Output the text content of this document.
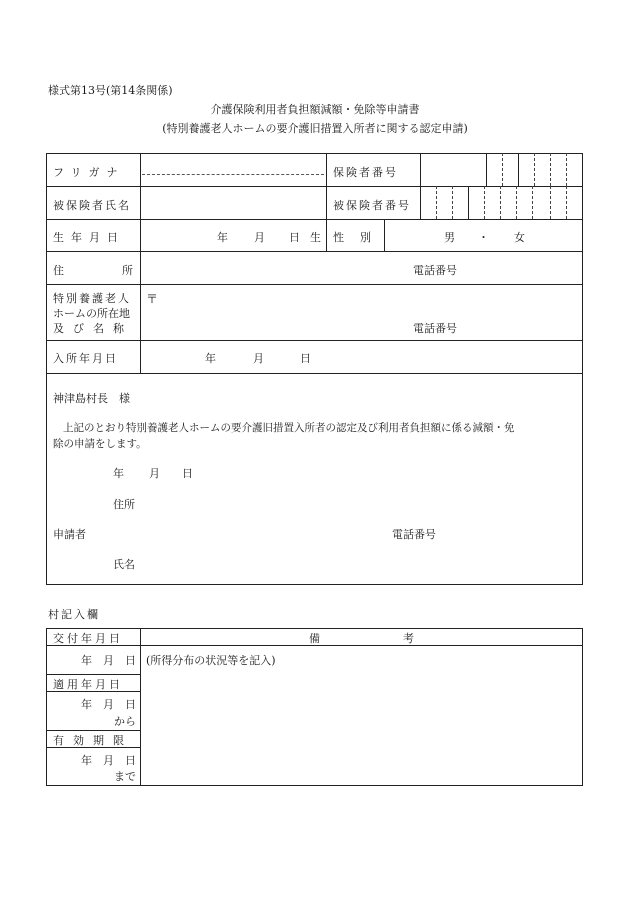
様式第13号(第14条関係)
介護保険利用者負担額減額・免除等申請書
(特別養護老人ホームの要介護旧措置入所者に関する認定申請)
フリガナ	保険者番号
被保険者氏名	被保険者番号
生年月日	年 月 日 生 性別	男 ・ 女
住所	電話番号
特別養護老人
ホームの所在地
及び名称
〒
電話番号
入所年月日	年	月	日
神津島村長　様
上記のとおり特別養護老人ホームの要介護旧措置入所者の認定及び利用者負担額に係る減額・免
除の申請をします。
年 月 日
住所
申請者	電話番号
氏名
村記入欄
交付年月日	備	考
年　月　日 (所得分布の状況等を記入)
適用年月日
年　月　日
から
有効期限
年　月　日
まで
